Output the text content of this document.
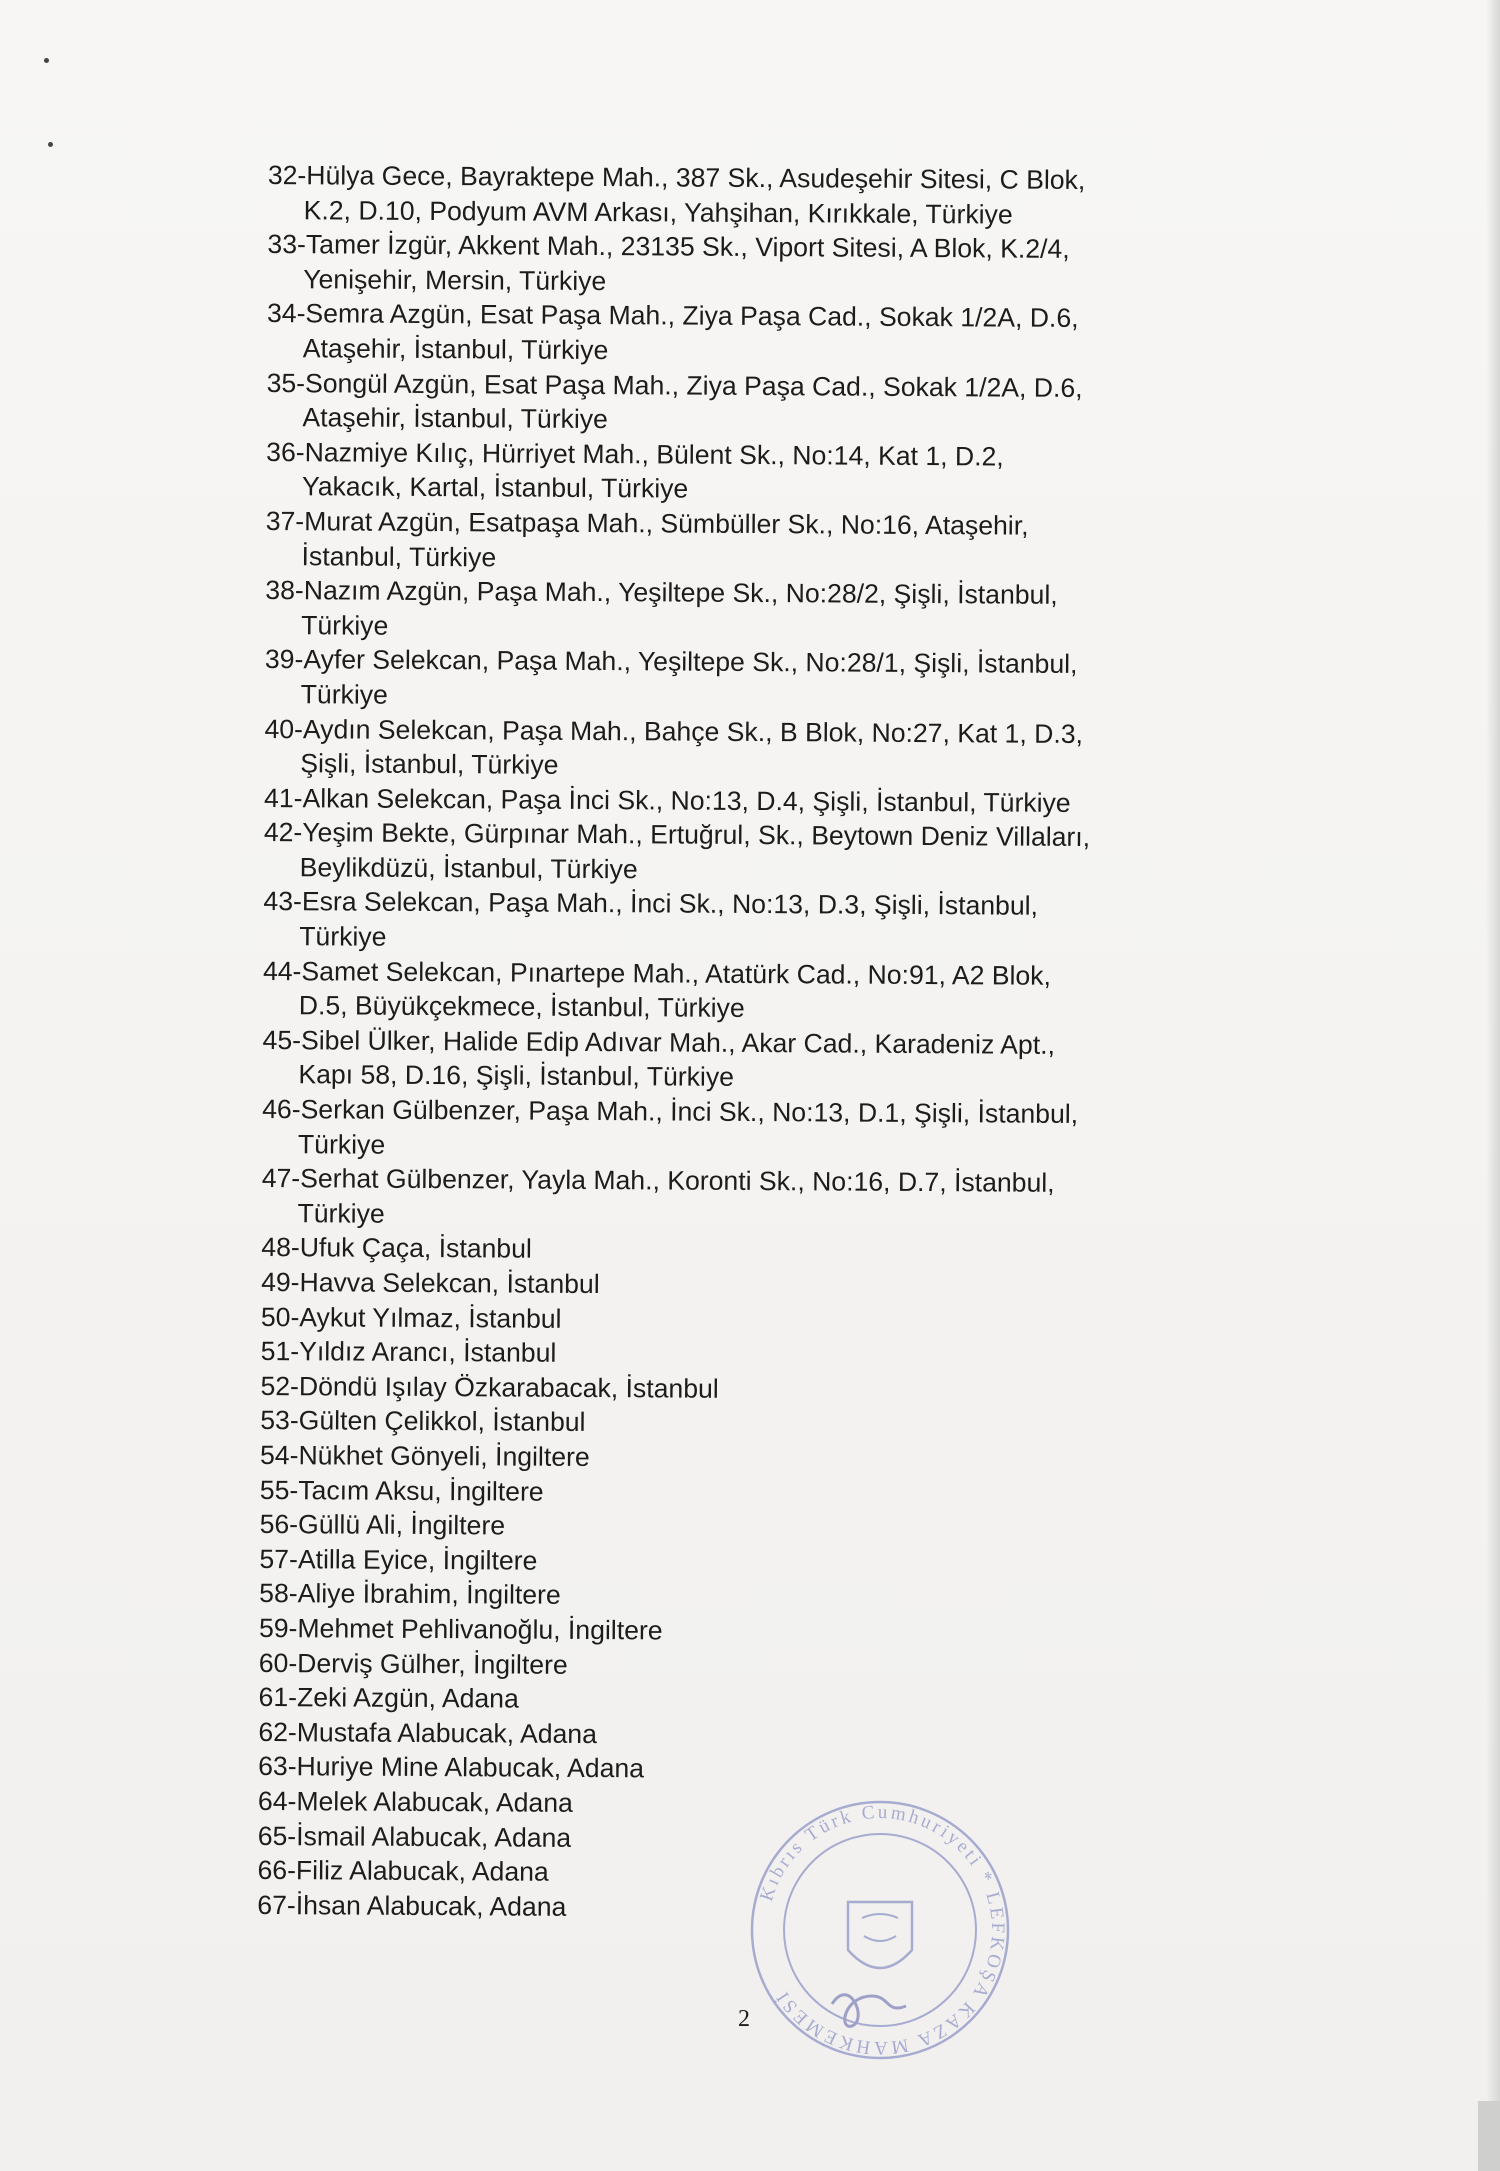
32-Hülya Gece, Bayraktepe Mah., 387 Sk., Asudeşehir Sitesi, C Blok,
K.2, D.10, Podyum AVM Arkası, Yahşihan, Kırıkkale, Türkiye

33-Tamer İzgür, Akkent Mah., 23135 Sk., Viport Sitesi, A Blok, K.2/4,
Yenişehir, Mersin, Türkiye

34-Semra Azgün, Esat Paşa Mah., Ziya Paşa Cad., Sokak 1/2A, D.6,
Ataşehir, İstanbul, Türkiye

35-Songül Azgün, Esat Paşa Mah., Ziya Paşa Cad., Sokak 1/2A, D.6,
Ataşehir, İstanbul, Türkiye

36-Nazmiye Kılıç, Hürriyet Mah., Bülent Sk., No:14, Kat 1, D.2,
Yakacık, Kartal, İstanbul, Türkiye

37-Murat Azgün, Esatpaşa Mah., Sümbüller Sk., No:16, Ataşehir,
İstanbul, Türkiye

38-Nazım Azgün, Paşa Mah., Yeşiltepe Sk., No:28/2, Şişli, İstanbul,
Türkiye

39-Ayfer Selekcan, Paşa Mah., Yeşiltepe Sk., No:28/1, Şişli, İstanbul,
Türkiye

40-Aydın Selekcan, Paşa Mah., Bahçe Sk., B Blok, No:27, Kat 1, D.3,
Şişli, İstanbul, Türkiye

41-Alkan Selekcan, Paşa İnci Sk., No:13, D.4, Şişli, İstanbul, Türkiye

42-Yeşim Bekte, Gürpınar Mah., Ertuğrul, Sk., Beytown Deniz Villaları,
Beylikdüzü, İstanbul, Türkiye

43-Esra Selekcan, Paşa Mah., İnci Sk., No:13, D.3, Şişli, İstanbul,
Türkiye

44-Samet Selekcan, Pınartepe Mah., Atatürk Cad., No:91, A2 Blok,
D.5, Büyükçekmece, İstanbul, Türkiye

45-Sibel Ülker, Halide Edip Adıvar Mah., Akar Cad., Karadeniz Apt.,
Kapı 58, D.16, Şişli, İstanbul, Türkiye

46-Serkan Gülbenzer, Paşa Mah., İnci Sk., No:13, D.1, Şişli, İstanbul,
Türkiye

47-Serhat Gülbenzer, Yayla Mah., Koronti Sk., No:16, D.7, İstanbul,
Türkiye

48-Ufuk Çaça, İstanbul

49-Havva Selekcan, İstanbul

50-Aykut Yılmaz, İstanbul

51-Yıldız Arancı, İstanbul

52-Döndü Işılay Özkarabacak, İstanbul

53-Gülten Çelikkol, İstanbul

54-Nükhet Gönyeli, İngiltere

55-Tacım Aksu, İngiltere

56-Güllü Ali, İngiltere

57-Atilla Eyice, İngiltere

58-Aliye İbrahim, İngiltere

59-Mehmet Pehlivanoğlu, İngiltere

60-Derviş Gülher, İngiltere

61-Zeki Azgün, Adana

62-Mustafa Alabucak, Adana

63-Huriye Mine Alabucak, Adana

64-Melek Alabucak, Adana

65-İsmail Alabucak, Adana

66-Filiz Alabucak, Adana

67-İhsan Alabucak, Adana

2
Kıbrıs Türk Cumhuriyeti * LEFKOŞA KAZA MAHKEMESİ
